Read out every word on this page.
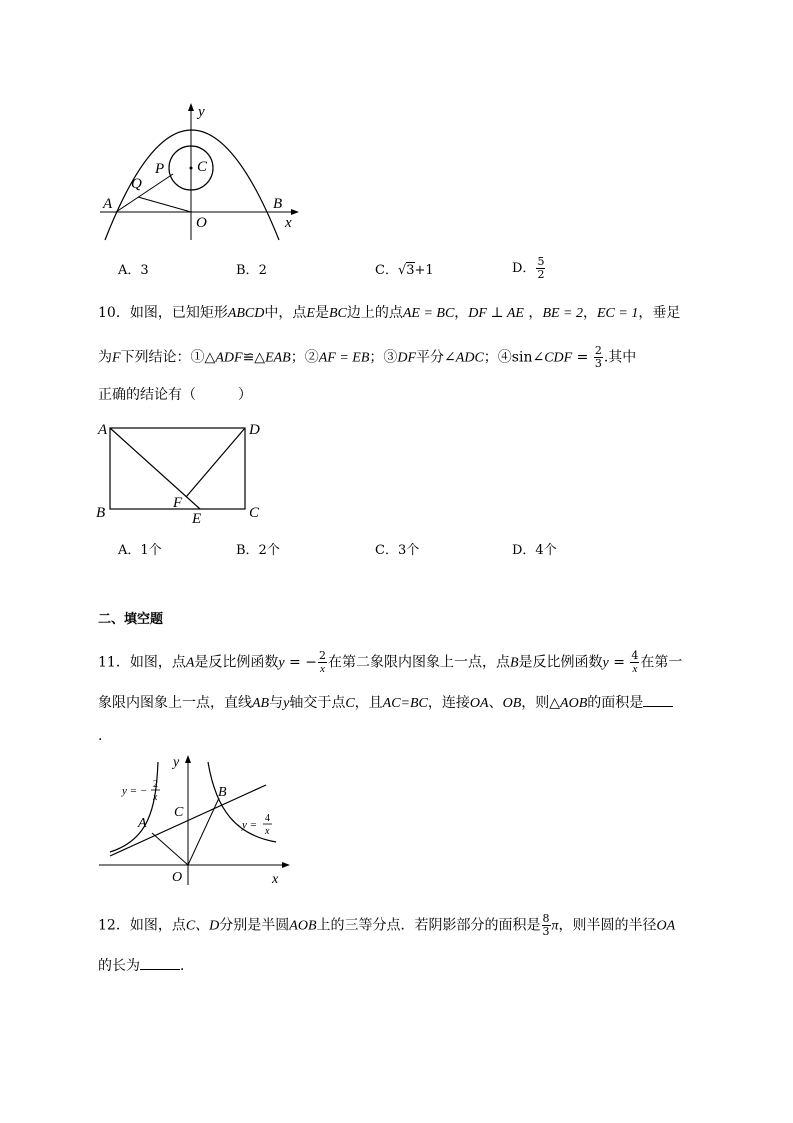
y
x
O
A	B
C
P
Q
A．3	B．2	C．√3+1	D． $\frac{5}{2}$
10．如图，已知矩形ABCD中，点E是BC边上的点AE = BC，DF ⊥ AE ，BE = 2，EC = 1，垂足
为F下列结论：①△ADF≌△EAB；②AF = EB；③DF平分∠ADC；④sin∠CDF = $\frac{2}{3}$ .其中
正确的结论有（　　　）
A	D
B	C
F
E
A．1个	B．2个	C．3个	D．4个
二、填空题
11．如图，点A是反比例函数y = − $\frac{2}{x}$ 在第二象限内图象上一点，点B是反比例函数$y = \frac{4}{x}$ 在第一
象限内图象上一点，直线AB与y轴交于点C，且AC=BC，连接OA、OB，则△AOB的面积是
.
y
x
O
A
B
C
y = −
2
x
y =
4
x
12．如图，点C、D分别是半圆AOB上的三等分点．若阴影部分的面积是 $\frac{8}{3}$ π，则半圆的半径OA
的长为	．
